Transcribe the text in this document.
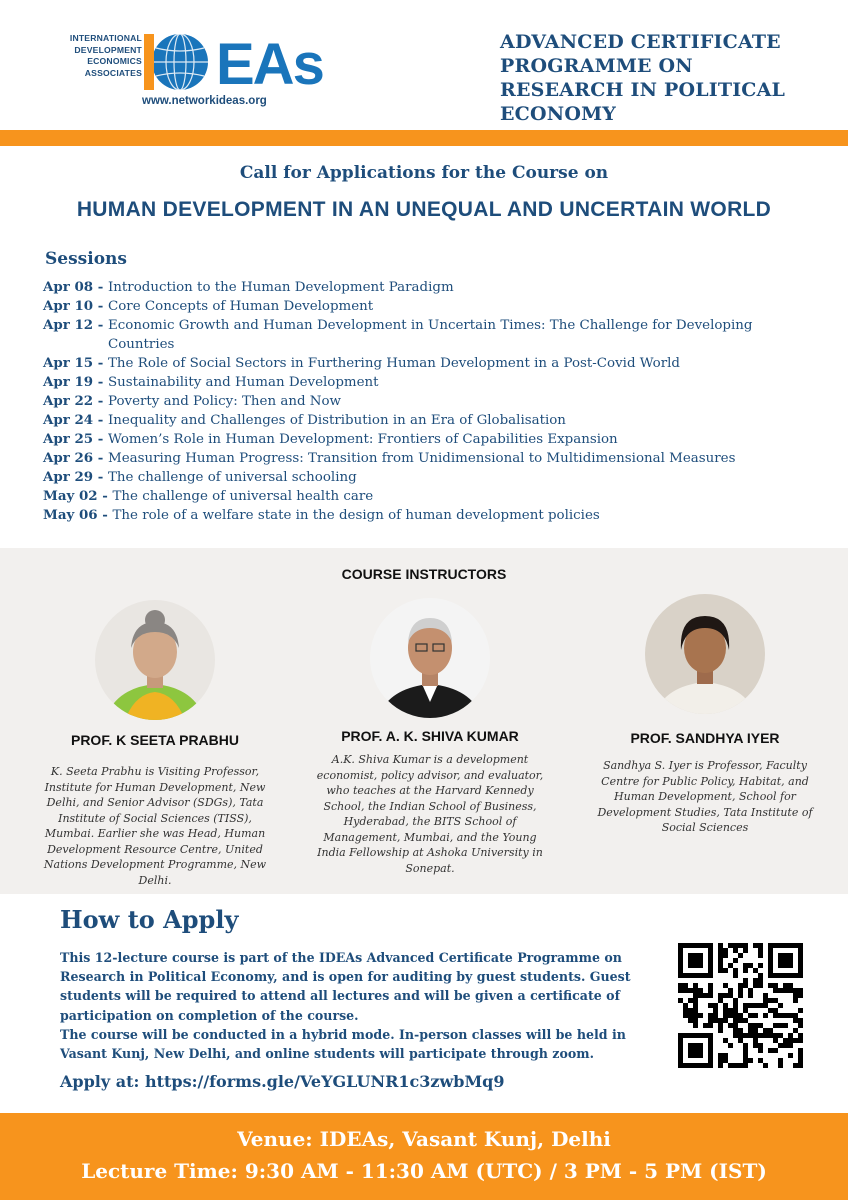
INTERNATIONAL
DEVELOPMENT
ECONOMICS
ASSOCIATES EAs
www.networkideas.org
ADVANCED CERTIFICATE PROGRAMME ON RESEARCH IN POLITICAL ECONOMY
Call for Applications for the Course on
HUMAN DEVELOPMENT IN AN UNEQUAL AND UNCERTAIN WORLD
Sessions
Apr 08 -	Introduction to the Human Development Paradigm
Apr 10 -	Core Concepts of Human Development
Apr 12 -	Economic Growth and Human Development in Uncertain Times: The Challenge for Developing Countries
Apr 15 -	The Role of Social Sectors in Furthering Human Development in a Post-Covid World
Apr 19 -	Sustainability and Human Development
Apr 22 -	Poverty and Policy: Then and Now
Apr 24 -	Inequality and Challenges of Distribution in an Era of Globalisation
Apr 25 -	Women’s Role in Human Development: Frontiers of Capabilities Expansion
Apr 26 -	Measuring Human Progress: Transition from Unidimensional to Multidimensional Measures
Apr 29 -	The challenge of universal schooling
May 02 -	The challenge of universal health care
May 06 -	The role of a welfare state in the design of human development policies
COURSE INSTRUCTORS
PROF. K SEETA PRABHU
K. Seeta Prabhu is Visiting Professor, Institute for Human Development, New Delhi, and Senior Advisor (SDGs), Tata Institute of Social Sciences (TISS), Mumbai. Earlier she was Head, Human Development Resource Centre, United Nations Development Programme, New Delhi.
PROF. A. K. SHIVA KUMAR
A.K. Shiva Kumar is a development economist, policy advisor, and evaluator, who teaches at the Harvard Kennedy School, the Indian School of Business, Hyderabad, the BITS School of Management, Mumbai, and the Young India Fellowship at Ashoka University in Sonepat.
PROF. SANDHYA IYER
Sandhya S. Iyer is Professor, Faculty Centre for Public Policy, Habitat, and Human Development, School for Development Studies, Tata Institute of Social Sciences
How to Apply
This 12-lecture course is part of the IDEAs Advanced Certificate Programme on Research in Political Economy, and is open for auditing by guest students. Guest students will be required to attend all lectures and will be given a certificate of participation on completion of the course.
The course will be conducted in a hybrid mode. In-person classes will be held in Vasant Kunj, New Delhi, and online students will participate through zoom.
Apply at: https://forms.gle/VeYGLUNR1c3zwbMq9
Venue: IDEAs, Vasant Kunj, Delhi
Lecture Time: 9:30 AM - 11:30 AM (UTC) / 3 PM - 5 PM (IST)
